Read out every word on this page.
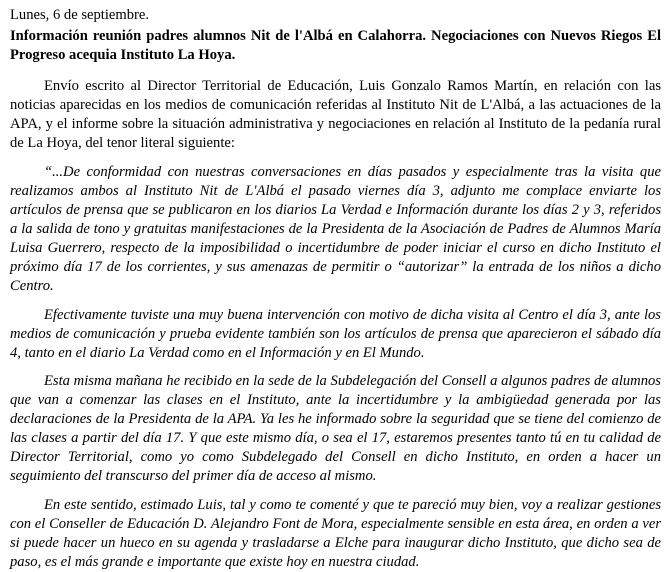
Lunes, 6 de septiembre.

Información reunión padres alumnos Nit de l'Albá en Calahorra. Negociaciones con Nuevos Riegos El Progreso acequia Instituto La Hoya.

Envío escrito al Director Territorial de Educación, Luis Gonzalo Ramos Martín, en relación con las noticias aparecidas en los medios de comunicación referidas al Instituto Nit de L'Albá, a las actuaciones de la APA, y el informe sobre la situación administrativa y negociaciones en relación al Instituto de la pedanía rural de La Hoya, del tenor literal siguiente:

“...De conformidad con nuestras conversaciones en días pasados y especialmente tras la visita que realizamos ambos al Instituto Nit de L'Albá el pasado viernes día 3, adjunto me complace enviarte los artículos de prensa que se publicaron en los diarios La Verdad e Información durante los días 2 y 3, referidos a la salida de tono y gratuitas manifestaciones de la Presidenta de la Asociación de Padres de Alumnos María Luisa Guerrero, respecto de la imposibilidad o incertidumbre de poder iniciar el curso en dicho Instituto el próximo día 17 de los corrientes, y sus amenazas de permitir o “autorizar” la entrada de los niños a dicho Centro.

Efectivamente tuviste una muy buena intervención con motivo de dicha visita al Centro el día 3, ante los medios de comunicación y prueba evidente también son los artículos de prensa que aparecieron el sábado día 4, tanto en el diario La Verdad como en el Información y en El Mundo.

Esta misma mañana he recibido en la sede de la Subdelegación del Consell a algunos padres de alumnos que van a comenzar las clases en el Instituto, ante la incertidumbre y la ambigüedad generada por las declaraciones de la Presidenta de la APA. Ya les he informado sobre la seguridad que se tiene del comienzo de las clases a partir del día 17. Y que este mismo día, o sea el 17, estaremos presentes tanto tú en tu calidad de Director Territorial, como yo como Subdelegado del Consell en dicho Instituto, en orden a hacer un seguimiento del transcurso del primer día de acceso al mismo.

En este sentido, estimado Luis, tal y como te comenté y que te pareció muy bien, voy a realizar gestiones con el Conseller de Educación D. Alejandro Font de Mora, especialmente sensible en esta área, en orden a ver si puede hacer un hueco en su agenda y trasladarse a Elche para inaugurar dicho Instituto, que dicho sea de paso, es el más grande e importante que existe hoy en nuestra ciudad.
